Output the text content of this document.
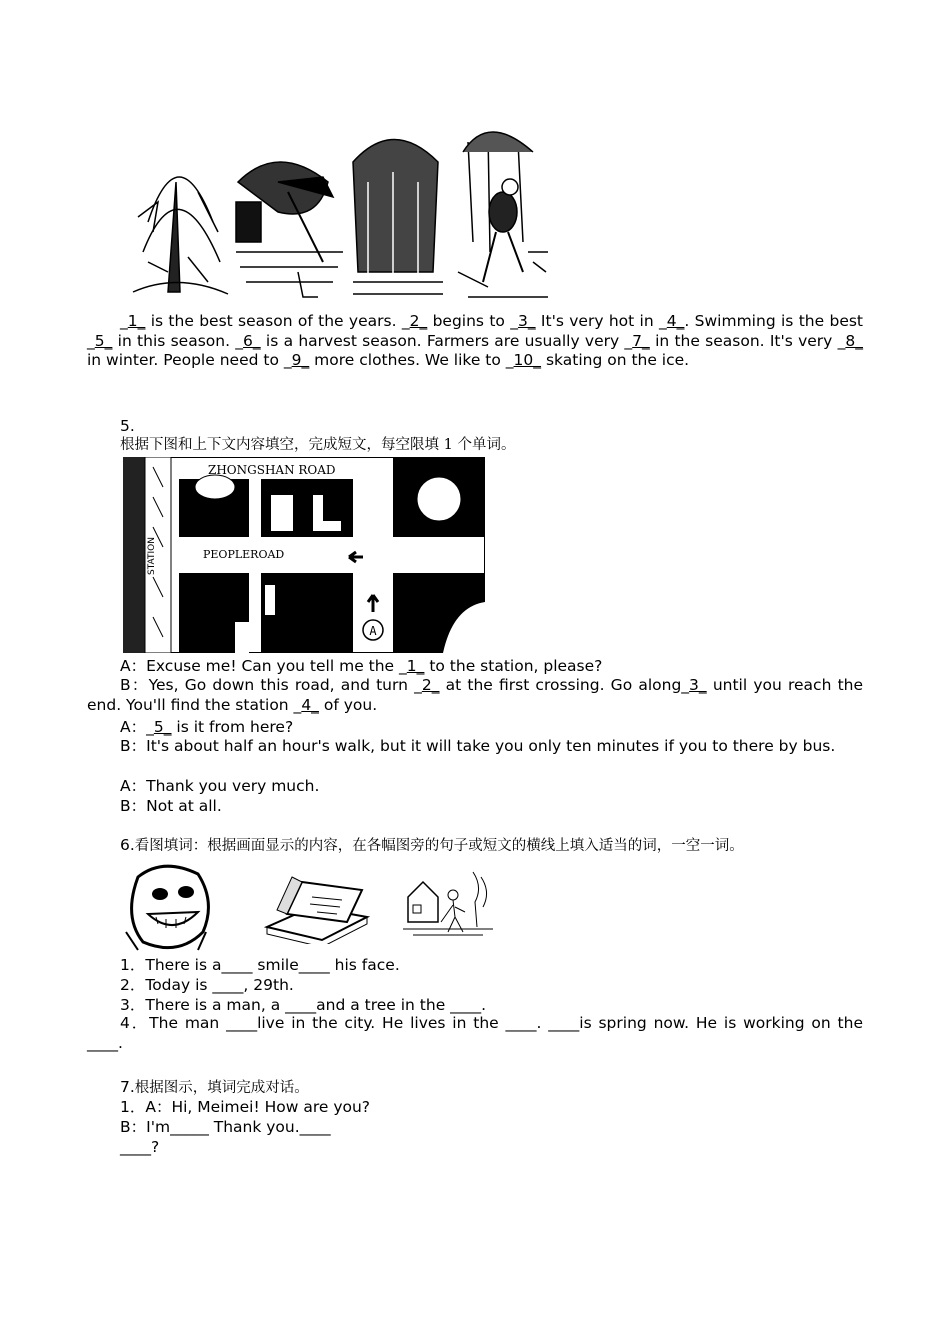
_1_ is the best season of the years. _2_ begins to _3_ It's very hot in _4_. Swimming is the best _5_ in this season. _6_ is a harvest season. Farmers are usually very _7_ in the season. It's very _8_ in winter. People need to _9_ more clothes. We like to _10_ skating on the ice.
5.
根据下图和上下文内容填空，完成短文，每空限填 1 个单词。
A
ZHONGSHAN ROAD
PEOPLEROAD
STATION
A：Excuse me! Can you tell me the _1_ to the station, please?
B：Yes, Go down this road, and turn _2_ at the first crossing. Go along_3_ until you reach the end. You'll find the station _4_ of you.
A：_5_ is it from here?
B：It's about half an hour's walk, but it will take you only ten minutes if you to there by bus.
A：Thank you very much.
B：Not at all.
6.看图填词：根据画面显示的内容，在各幅图旁的句子或短文的横线上填入适当的词，一空一词。
1．There is a____ smile____ his face.
2．Today is ____, 29th.
3．There is a man, a ____and a tree in the ____.
4．The man ____live in the city. He lives in the ____. ____is spring now. He is working on the ____.
7.根据图示，填词完成对话。
1．A：Hi, Meimei! How are you?
B：I'm_____ Thank you.____
____?
